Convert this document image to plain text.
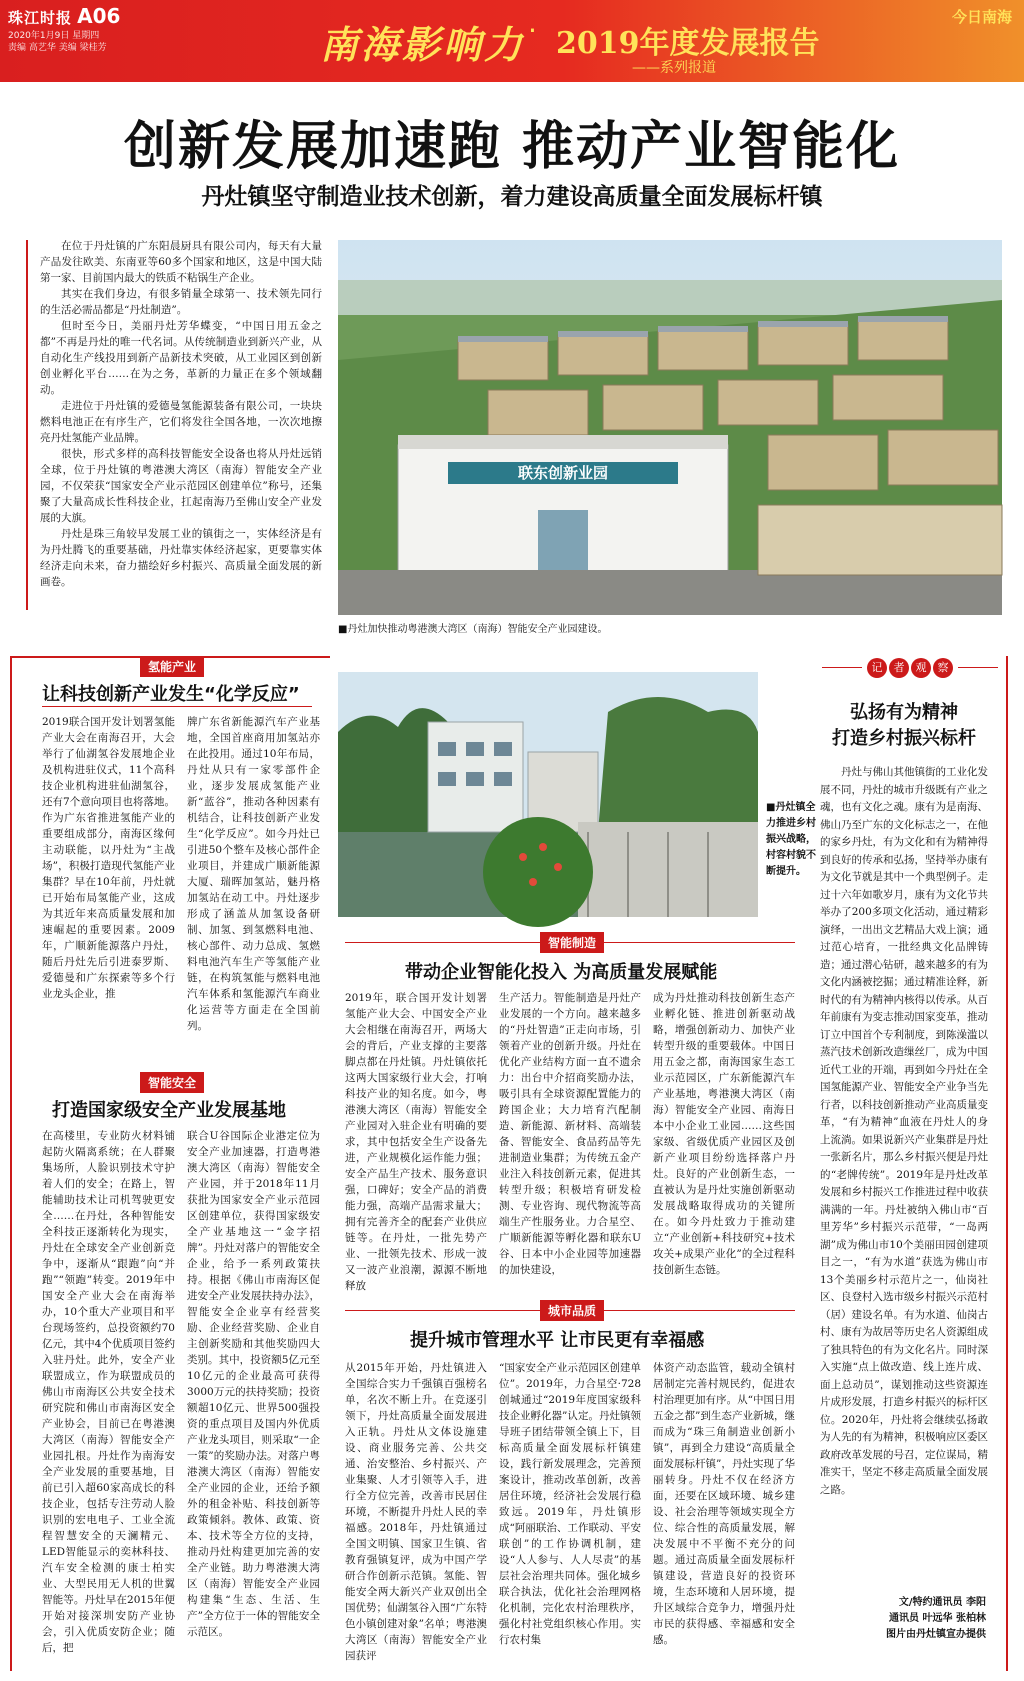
珠江时报 A06
2020年1月9日 星期四
责编 高艺华 美编 梁桂芳	南海影响力 · 2019年度发展报告
——系列报道
今日南海
创新发展加速跑 推动产业智能化
丹灶镇坚守制造业技术创新，着力建设高质量全面发展标杆镇

在位于丹灶镇的广东阳晨厨具有限公司内，每天有大量产品发往欧美、东南亚等60多个国家和地区，这是中国大陆第一家、目前国内最大的铁质不粘锅生产企业。

其实在我们身边，有很多销量全球第一、技术领先同行的生活必需品都是“丹灶制造”。

但时至今日，美丽丹灶芳华蝶变，“中国日用五金之都”不再是丹灶的唯一代名词。从传统制造业到新兴产业，从自动化生产线投用到新产品新技术突破，从工业园区到创新创业孵化平台……在为之务，革新的力量正在多个领域翻动。

走进位于丹灶镇的爱德曼氢能源装备有限公司，一块块燃料电池正在有序生产，它们将发往全国各地，一次次地擦亮丹灶氢能产业品牌。

很快，形式多样的高科技智能安全设备也将从丹灶远销全球，位于丹灶镇的粤港澳大湾区（南海）智能安全产业园，不仅荣获“国家安全产业示范园区创建单位”称号，还集聚了大量高成长性科技企业，扛起南海乃至佛山安全产业发展的大旗。

丹灶是珠三角较早发展工业的镇街之一，实体经济是有为丹灶腾飞的重要基础，丹灶靠实体经济起家，更要靠实体经济走向未来，奋力描绘好乡村振兴、高质量全面发展的新画卷。

联东创新业园
■丹灶加快推动粤港澳大湾区（南海）智能安全产业园建设。
氢能产业
让科技创新产业发生“化学反应”
2019联合国开发计划署氢能产业大会在南海召开，大会举行了仙湖氢谷发展地企业及机构进驻仪式，11个高科技企业机构进驻仙湖氢谷，还有7个意向项目也将落地。作为广东省推进氢能产业的重要组成部分，南海区缘何主动联能，以丹灶为“主战场”，积极打造现代氢能产业集群？早在10年前，丹灶就已开始布局氢能产业，这成为其近年来高质量发展和加速崛起的重要因素。2009年，广顺新能源落户丹灶，随后丹灶先后引进泰罗斯、爱德曼和广东探索等多个行业龙头企业，推
牌广东省新能源汽车产业基地，全国首座商用加氢站亦在此投用。通过10年布局，丹灶从只有一家零部件企业，逐步发展成氢能产业新“蓝谷”，推动各种因素有机结合，让科技创新产业发生“化学反应”。如今丹灶已引进50个整车及核心部件企业项目，并建成广顺新能源大厦、瑞晖加氢站，魅丹格加氢站在动工中。丹灶逐步形成了涵盖从加氢设备研制、加氢、到氢燃料电池、核心部件、动力总成、氢燃料电池汽车生产等氢能产业链，在构筑氢能与燃料电池汽车体系和氢能源汽车商业化运营等方面走在全国前列。
智能安全
打造国家级安全产业发展基地
在高楼里，专业防火材料铺起防火隔离系统；在人群聚集场所，人脸识别技术守护着人们的安全；在路上，智能辅助技术让司机驾驶更安全……在丹灶，各种智能安全科技正逐渐转化为现实，丹灶在全球安全产业创新竞争中，逐渐从“跟跑”向“并跑”“领跑”转变。2019年中国安全产业大会在南海举办，10个重大产业项目和平台现场签约，总投资额约70亿元，其中4个优质项目签约入驻丹灶。此外，安全产业联盟成立，作为联盟成员的佛山市南海区公共安全技术研究院和佛山市南海区安全产业协会，目前已在粤港澳大湾区（南海）智能安全产业园扎根。丹灶作为南海安全产业发展的重要基地，目前已引入超60家高成长的科技企业，包括专注劳动人脸识别的宏电电子、工业全流程智慧安全的天澜精元、LED智能显示的奕林科技、汽车安全检测的康士柏实业、大型民用无人机的世翼智能等。丹灶早在2015年便开始对接深圳安防产业协会，引入优质安防企业；随后，把
联合U谷国际企业港定位为安全产业加速器，打造粤港澳大湾区（南海）智能安全产业园，并于2018年11月获批为国家安全产业示范园区创建单位，获得国家级安全产业基地这一“金字招牌”。丹灶对落户的智能安全企业，给予一系列政策扶持。根据《佛山市南海区促进安全产业发展扶持办法》，智能安全企业享有经营奖励、企业经营奖励、企业自主创新奖励和其他奖励四大类别。其中，投资额5亿元至10亿元的企业最高可获得3000万元的扶持奖励；投资额超10亿元、世界500强投资的重点项目及国内外优质产业龙头项目，则采取“一企一策”的奖励办法。对落户粤港澳大湾区（南海）智能安全产业园的企业，还给予额外的租金补贴、科技创新等政策倾斜。教体、政策、资本、技术等全方位的支持，推动丹灶构建更加完善的安全产业链。助力粤港澳大湾区（南海）智能安全产业园构建集“生态、生活、生产”全方位于一体的智能安全示范区。
■丹灶镇全力推进乡村振兴战略，村容村貌不断提升。
智能制造
带动企业智能化投入 为高质量发展赋能
2019年，联合国开发计划署氢能产业大会、中国安全产业大会相继在南海召开，两场大会的背后，产业支撑的主要落脚点都在丹灶镇。丹灶镇依托这两大国家级行业大会，打响科技产业的知名度。如今，粤港澳大湾区（南海）智能安全产业园对入驻企业有明确的要求，其中包括安全生产设备先进，产业规模化运作能力强；安全产品生产技术、服务意识强，口碑好；安全产品的消费能力强，高端产品需求量大；拥有完善齐全的配套产业供应链等。在丹灶，一批先势产业、一批领先技术、形成一波又一波产业浪潮，源源不断地释放
生产活力。智能制造是丹灶产业发展的一个方向。越来越多的“丹灶智造”正走向市场，引领着产业的创新升级。丹灶在优化产业结构方面一直不遗余力：出台中介招商奖励办法，吸引具有全球资源配置能力的跨国企业；大力培育汽配制造、新能源、新材料、高端装备、智能安全、食品药品等先进制造业集群；为传统五金产业注入科技创新元素，促进其转型升级；积极培育研发检测、专业咨询、现代物流等高端生产性服务业。力合星空、广顺新能源等孵化器和联东U谷、日本中小企业园等加速器的加快建设，
成为丹灶推动科技创新生态产业孵化链、推进创新驱动战略，增强创新动力、加快产业转型升级的重要载体。中国日用五金之都，南海国家生态工业示范园区，广东新能源汽车产业基地，粤港澳大湾区（南海）智能安全产业园、南海日本中小企业工业园……这些国家级、省级优质产业园区及创新产业项目纷纷选择落户丹灶。良好的产业创新生态，一直被认为是丹灶实施创新驱动发展战略取得成功的关键所在。如今丹灶致力于推动建立“产业创新+科技研究+技术攻关+成果产业化”的全过程科技创新生态链。
城市品质
提升城市管理水平 让市民更有幸福感
从2015年开始，丹灶镇进入全国综合实力千强镇百强榜名单，名次不断上升。在竞逐引领下，丹灶高质量全面发展进入正轨。丹灶从文体设施建设、商业服务完善、公共交通、治安整治、乡村振兴、产业集聚、人才引领等入手，进行全方位完善，改善市民居住环境，不断提升丹灶人民的幸福感。2018年，丹灶镇通过全国文明镇、国家卫生镇、省教育强镇复评，成为中国产学研合作创新示范镇。氢能、智能安全两大新兴产业双创出全国优势；仙湖氢谷入围“广东特色小镇创建对象”名单；粤港澳大湾区（南海）智能安全产业园获评
“国家安全产业示范园区创建单位”。2019年，力合星空·728创城通过“2019年度国家级科技企业孵化器”认定。丹灶镇领导班子团结带领全镇上下，目标高质量全面发展标杆镇建设，践行新发展理念，完善预案设计，推动改革创新，改善居住环境，经济社会发展行稳致远。2019年，丹灶镇形成“阿丽联治、工作联动、平安联创”的工作协调机制，建设“人人参与、人人尽责”的基层社会治理共同体。强化城乡联合执法，优化社会治理网格化机制，完化农村治理秩序，强化村社党组织核心作用。实行农村集
体资产动态监管，载动全镇村居制定完善村规民约，促进农村治理更加有序。从“中国日用五金之都”到生态产业新城，继而成为“珠三角制造业创新小镇”，再到全力建设“高质量全面发展标杆镇”，丹灶实现了华丽转身。丹灶不仅在经济方面，还要在区域环境、城乡建设、社会治理等领域实现全方位、综合性的高质量发展，解决发展中不平衡不充分的问题。通过高质量全面发展标杆镇建设，营造良好的投资环境，生态环境和人居环境，提升区域综合竞争力，增强丹灶市民的获得感、幸福感和安全感。
记 者 观 察
弘扬有为精神
打造乡村振兴标杆

丹灶与佛山其他镇街的工业化发展不同，丹灶的城市升级既有产业之魂，也有文化之魂。康有为是南海、佛山乃至广东的文化标志之一，在他的家乡丹灶，有为文化和有为精神得到良好的传承和弘扬，坚持举办康有为文化节就是其中一个典型例子。走过十六年如歌岁月，康有为文化节共举办了200多项文化活动，通过精彩演绎，一出出文艺精品大戏上演；通过范心培育，一批经典文化品牌铸造；通过潜心钻研，越来越多的有为文化内涵被挖掘；通过精准诠释，新时代的有为精神内核得以传承。从百年前康有为变志推动国家变革，推动订立中国首个专利制度，到陈澡滥以蒸汽技术创新改造缫丝厂，成为中国近代工业的开端，再到如今丹灶在全国氢能源产业、智能安全产业争当先行者，以科技创新推动产业高质量变革，“有为精神”血液在丹灶人的身上流淌。如果说新兴产业集群是丹灶一张新名片，那么乡村振兴便是丹灶的“老牌传统”。2019年是丹灶改革发展和乡村振兴工作推进过程中收获满满的一年。丹灶被纳入佛山市“百里芳华”乡村振兴示范带，“一岛两湖”成为佛山市10个美丽田园创建项目之一，“有为水道”获选为佛山市13个美丽乡村示范片之一，仙岗社区、良登村入选市级乡村振兴示范村（居）建设名单。有为水道、仙岗古村、康有为故居等历史名人资源组成了独具特色的有为文化名片。同时深入实施“点上做改造、线上连片成、面上总动员”，谋划推动这些资源连片成形发展，打造乡村振兴的标杆区位。2020年，丹灶将会继续弘扬敢为人先的有为精神，积极响应区委区政府改革发展的号召，定位谋局，精准实干，坚定不移走高质量全面发展之路。

文/特约通讯员 李阳
通讯员 叶远华 张柏林
图片由丹灶镇宣办提供
